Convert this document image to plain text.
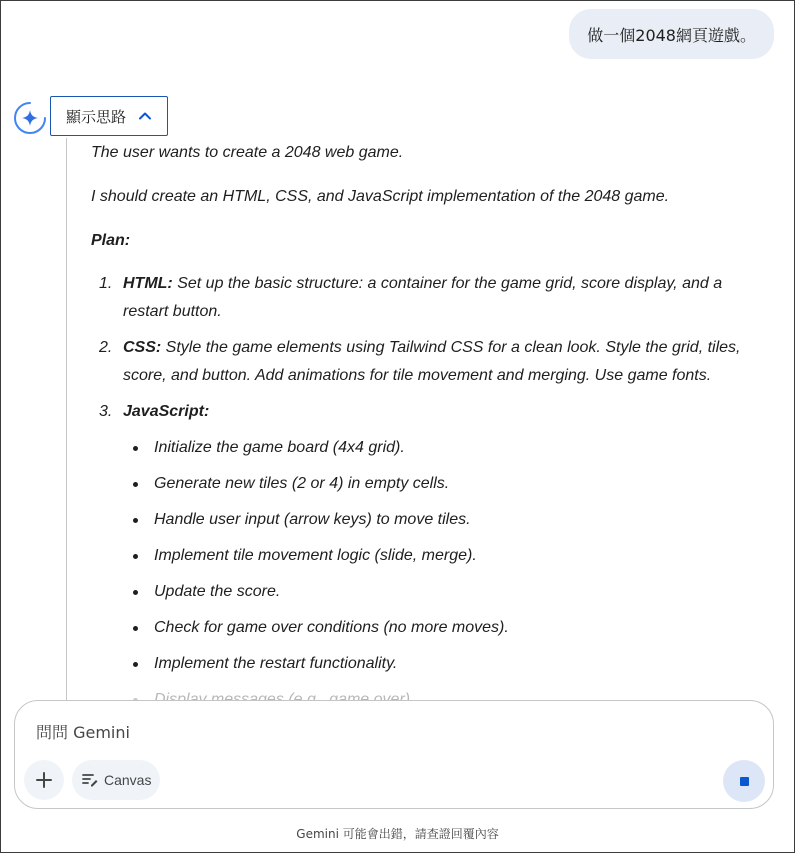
做一個2048網頁遊戲。
顯示思路

The user wants to create a 2048 web game.

I should create an HTML, CSS, and JavaScript implementation of the 2048 game.

Plan:

1. HTML: Set up the basic structure: a container for the game grid, score display, and a restart button.
2. CSS: Style the game elements using Tailwind CSS for a clean look. Style the grid, tiles, score, and button. Add animations for tile movement and merging. Use game fonts.
3. JavaScript:
Initialize the game board (4x4 grid).
Generate new tiles (2 or 4) in empty cells.
Handle user input (arrow keys) to move tiles.
Implement tile movement logic (slide, merge).
Update the score.
Check for game over conditions (no more moves).
Implement the restart functionality.
問問 Gemini
Canvas
Gemini 可能會出錯，請查證回覆內容
